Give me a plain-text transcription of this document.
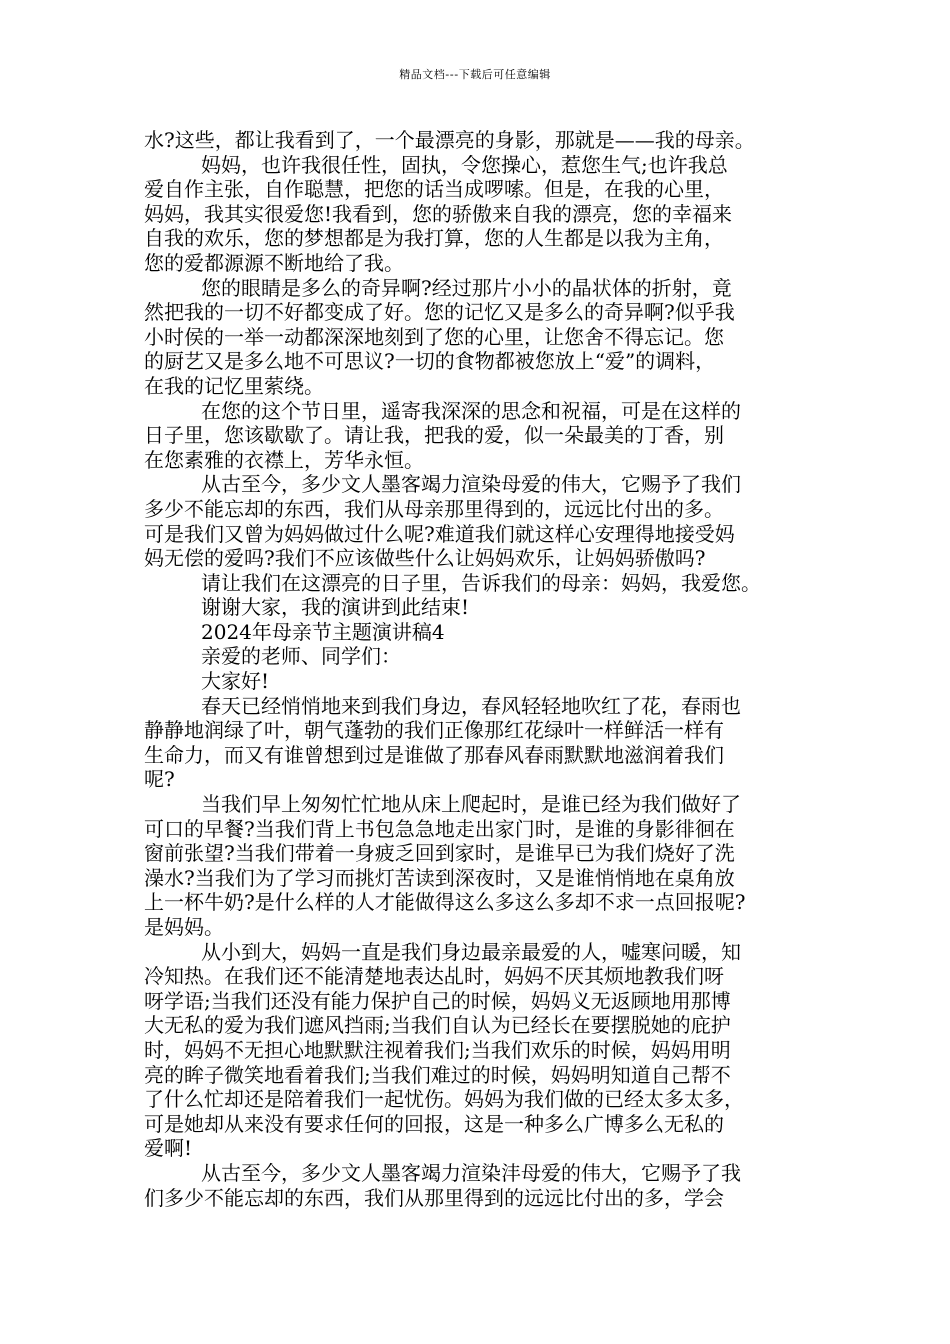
精品文档---下载后可任意编辑
水?这些，都让我看到了，一个最漂亮的身影，那就是——我的母亲。
妈妈，也许我很任性，固执，令您操心，惹您生气;也许我总
爱自作主张，自作聪慧，把您的话当成啰嗦。但是，在我的心里，
妈妈，我其实很爱您!我看到，您的骄傲来自我的漂亮，您的幸福来
自我的欢乐，您的梦想都是为我打算，您的人生都是以我为主角，
您的爱都源源不断地给了我。
您的眼睛是多么的奇异啊?经过那片小小的晶状体的折射，竟
然把我的一切不好都变成了好。您的记忆又是多么的奇异啊?似乎我
小时侯的一举一动都深深地刻到了您的心里，让您舍不得忘记。您
的厨艺又是多么地不可思议?一切的食物都被您放上“爱”的调料，
在我的记忆里萦绕。
在您的这个节日里，遥寄我深深的思念和祝福，可是在这样的
日子里，您该歇歇了。请让我，把我的爱，似一朵最美的丁香，别
在您素雅的衣襟上，芳华永恒。
从古至今，多少文人墨客竭力渲染母爱的伟大，它赐予了我们
多少不能忘却的东西，我们从母亲那里得到的，远远比付出的多。
可是我们又曾为妈妈做过什么呢?难道我们就这样心安理得地接受妈
妈无偿的爱吗?我们不应该做些什么让妈妈欢乐，让妈妈骄傲吗?
请让我们在这漂亮的日子里，告诉我们的母亲：妈妈，我爱您。
谢谢大家，我的演讲到此结束!
2024年母亲节主题演讲稿4
亲爱的老师、同学们：
大家好!
春天已经悄悄地来到我们身边，春风轻轻地吹红了花，春雨也
静静地润绿了叶，朝气蓬勃的我们正像那红花绿叶一样鲜活一样有
生命力，而又有谁曾想到过是谁做了那春风春雨默默地滋润着我们
呢?
当我们早上匆匆忙忙地从床上爬起时，是谁已经为我们做好了
可口的早餐?当我们背上书包急急地走出家门时，是谁的身影徘徊在
窗前张望?当我们带着一身疲乏回到家时，是谁早已为我们烧好了洗
澡水?当我们为了学习而挑灯苦读到深夜时，又是谁悄悄地在桌角放
上一杯牛奶?是什么样的人才能做得这么多这么多却不求一点回报呢?
是妈妈。
从小到大，妈妈一直是我们身边最亲最爱的人，嘘寒问暖，知
冷知热。在我们还不能清楚地表达乩时，妈妈不厌其烦地教我们呀
呀学语;当我们还没有能力保护自己的时候，妈妈义无返顾地用那博
大无私的爱为我们遮风挡雨;当我们自认为已经长在要摆脱她的庇护
时，妈妈不无担心地默默注视着我们;当我们欢乐的时候，妈妈用明
亮的眸子微笑地看着我们;当我们难过的时候，妈妈明知道自己帮不
了什么忙却还是陪着我们一起忧伤。妈妈为我们做的已经太多太多，
可是她却从来没有要求任何的回报，这是一种多么广博多么无私的
爱啊!
从古至今，多少文人墨客竭力渲染沣母爱的伟大，它赐予了我
们多少不能忘却的东西，我们从那里得到的远远比付出的多，学会
